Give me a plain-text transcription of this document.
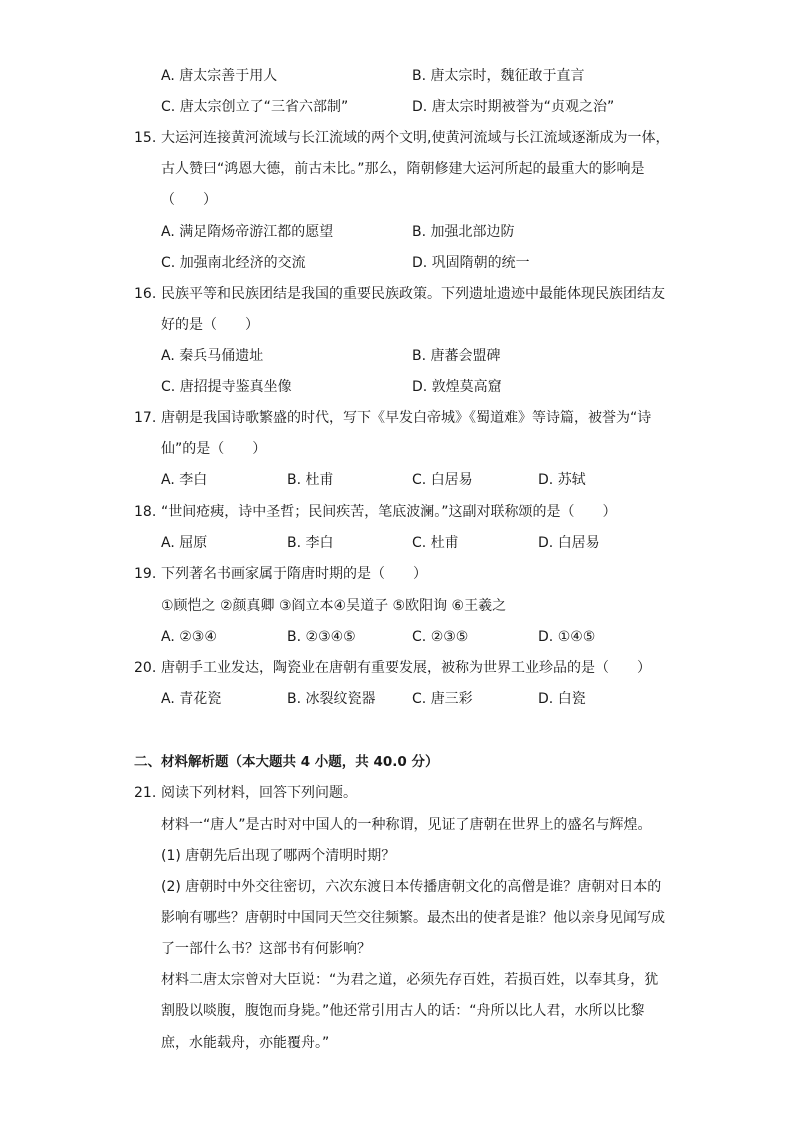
A. 唐太宗善于用人	B. 唐太宗时，魏征敢于直言
C. 唐太宗创立了“三省六部制”	D. 唐太宗时期被誉为“贞观之治”
15. 大运河连接黄河流域与长江流域的两个文明,使黄河流域与长江流域逐渐成为一体，
古人赞曰“鸿恩大德，前古未比。”那么，隋朝修建大运河所起的最重大的影响是
（　　）
A. 满足隋炀帝游江都的愿望	B. 加强北部边防
C. 加强南北经济的交流	D. 巩固隋朝的统一
16. 民族平等和民族团结是我国的重要民族政策。下列遗址遗迹中最能体现民族团结友
好的是（　　）
A. 秦兵马俑遗址	B. 唐蕃会盟碑
C. 唐招提寺鉴真坐像	D. 敦煌莫高窟
17. 唐朝是我国诗歌繁盛的时代，写下《早发白帝城》《蜀道难》等诗篇，被誉为“诗
仙”的是（　　）
A. 李白	B. 杜甫	C. 白居易	D. 苏轼
18. “世间疮痍，诗中圣哲；民间疾苦，笔底波澜。”这副对联称颂的是（　　）
A. 屈原	B. 李白	C. 杜甫	D. 白居易
19. 下列著名书画家属于隋唐时期的是（　　）
①顾恺之 ②颜真卿 ③阎立本④吴道子 ⑤欧阳询 ⑥王羲之
A. ②③④	B. ②③④⑤	C. ②③⑤	D. ①④⑤
20. 唐朝手工业发达，陶瓷业在唐朝有重要发展，被称为世界工业珍品的是（　　）
A. 青花瓷	B. 冰裂纹瓷器	C. 唐三彩	D. 白瓷
二、材料解析题（本大题共 4 小题，共 40.0 分）
21. 阅读下列材料，回答下列问题。
材料一“唐人”是古时对中国人的一种称谓，见证了唐朝在世界上的盛名与辉煌。
(1) 唐朝先后出现了哪两个清明时期？
(2) 唐朝时中外交往密切，六次东渡日本传播唐朝文化的高僧是谁？唐朝对日本的
影响有哪些？唐朝时中国同天竺交往频繁。最杰出的使者是谁？他以亲身见闻写成
了一部什么书？这部书有何影响？
材料二唐太宗曾对大臣说：“为君之道，必须先存百姓，若损百姓，以奉其身，犹
割股以啖腹，腹饱而身毙。”他还常引用古人的话：“舟所以比人君，水所以比黎
庶，水能载舟，亦能覆舟。”
